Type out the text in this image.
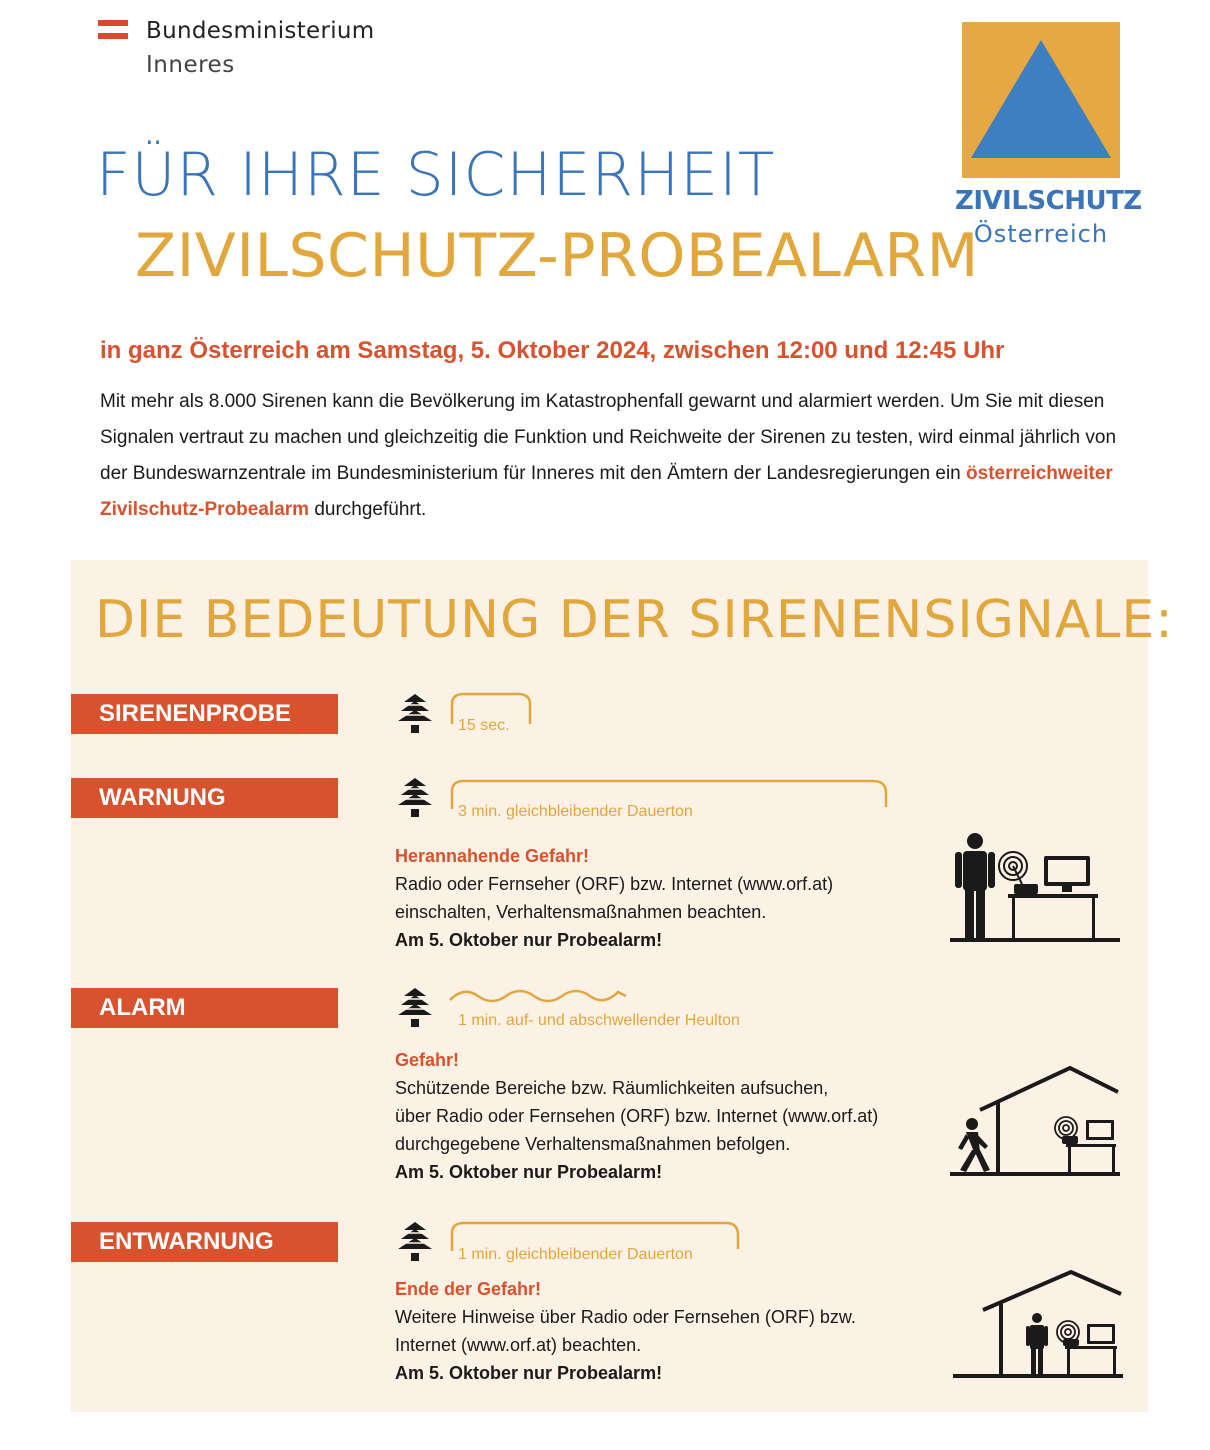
Bundesministerium
Inneres
ZIVILSCHUTZ
Österreich
FÜR IHRE SICHERHEIT
ZIVILSCHUTZ-PROBEALARM
in ganz Österreich am Samstag, 5. Oktober 2024, zwischen 12:00 und 12:45 Uhr
Mit mehr als 8.000 Sirenen kann die Bevölkerung im Katastrophenfall gewarnt und alarmiert werden. Um Sie mit diesen Signalen vertraut zu machen und gleichzeitig die Funktion und Reichweite der Sirenen zu testen, wird einmal jährlich von der Bundeswarnzentrale im Bundesministerium für Inneres mit den Ämtern der Landesregierungen ein österreichweiter Zivilschutz-Probealarm durchgeführt.
DIE BEDEUTUNG DER SIRENENSIGNALE:
SIRENENPROBE	15 sec.
WARNUNG
3 min. gleichbleibender Dauerton
Herannahende Gefahr!
Radio oder Fernseher (ORF) bzw. Internet (www.orf.at)
einschalten, Verhaltensmaßnahmen beachten.
Am 5. Oktober nur Probealarm!
ALARM	1 min. auf- und abschwellender Heulton
Gefahr!
Schützende Bereiche bzw. Räumlichkeiten aufsuchen,
über Radio oder Fernsehen (ORF) bzw. Internet (www.orf.at)
durchgegebene Verhaltensmaßnahmen befolgen.
Am 5. Oktober nur Probealarm!
ENTWARNUNG	1 min. gleichbleibender Dauerton
Ende der Gefahr!
Weitere Hinweise über Radio oder Fernsehen (ORF) bzw.
Internet (www.orf.at) beachten.
Am 5. Oktober nur Probealarm!
